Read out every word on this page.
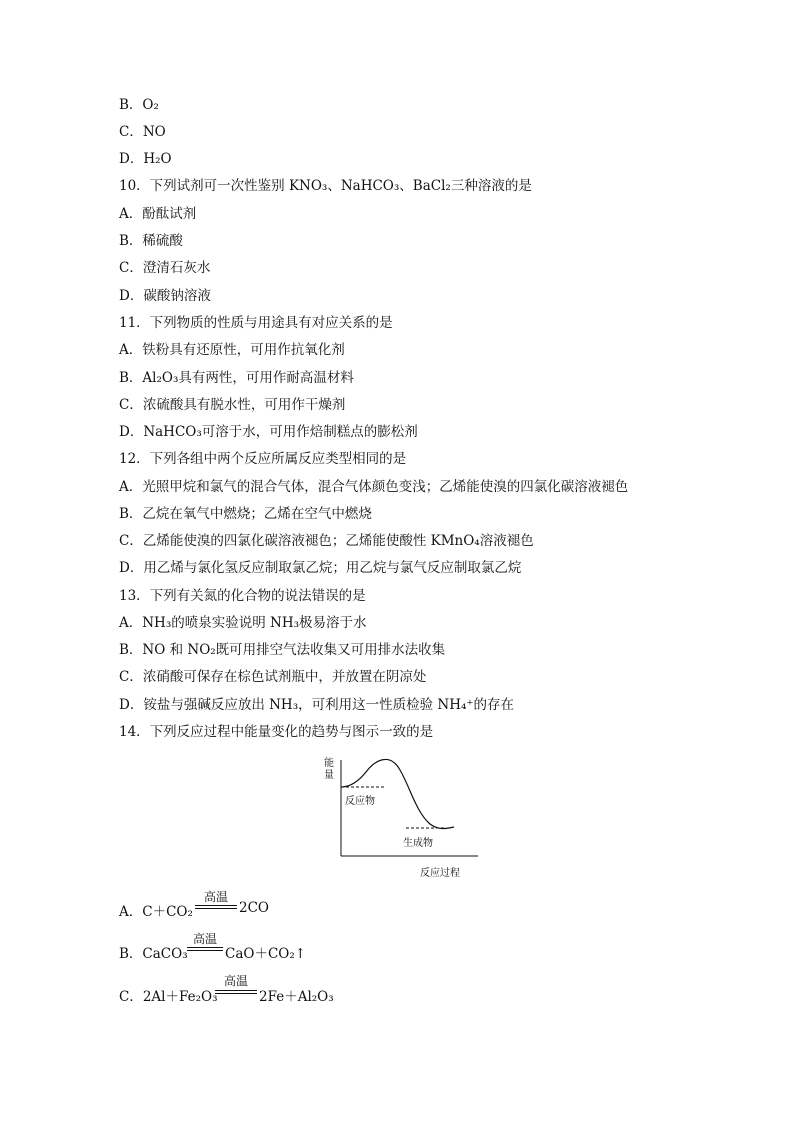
B．O₂
C．NO
D．H₂O
10．下列试剂可一次性鉴别 KNO₃、NaHCO₃、BaCl₂三种溶液的是
A．酚酞试剂
B．稀硫酸
C．澄清石灰水
D．碳酸钠溶液
11．下列物质的性质与用途具有对应关系的是
A．铁粉具有还原性，可用作抗氧化剂
B．Al₂O₃具有两性，可用作耐高温材料
C．浓硫酸具有脱水性，可用作干燥剂
D．NaHCO₃可溶于水，可用作焙制糕点的膨松剂
12．下列各组中两个反应所属反应类型相同的是
A．光照甲烷和氯气的混合气体，混合气体颜色变浅；乙烯能使溴的四氯化碳溶液褪色
B．乙烷在氧气中燃烧；乙烯在空气中燃烧
C．乙烯能使溴的四氯化碳溶液褪色；乙烯能使酸性 KMnO₄溶液褪色
D．用乙烯与氯化氢反应制取氯乙烷；用乙烷与氯气反应制取氯乙烷
13．下列有关氮的化合物的说法错误的是
A．NH₃的喷泉实验说明 NH₃极易溶于水
B．NO 和 NO₂既可用排空气法收集又可用排水法收集
C．浓硝酸可保存在棕色试剂瓶中，并放置在阴凉处
D．铵盐与强碱反应放出 NH₃，可利用这一性质检验 NH₄⁺的存在
14．下列反应过程中能量变化的趋势与图示一致的是
能
量
反应物
生成物
反应过程
A．C＋CO₂
高温
2CO
B．CaCO₃
高温
CaO＋CO₂↑
C．2Al＋Fe₂O₃
高温
2Fe＋Al₂O₃
